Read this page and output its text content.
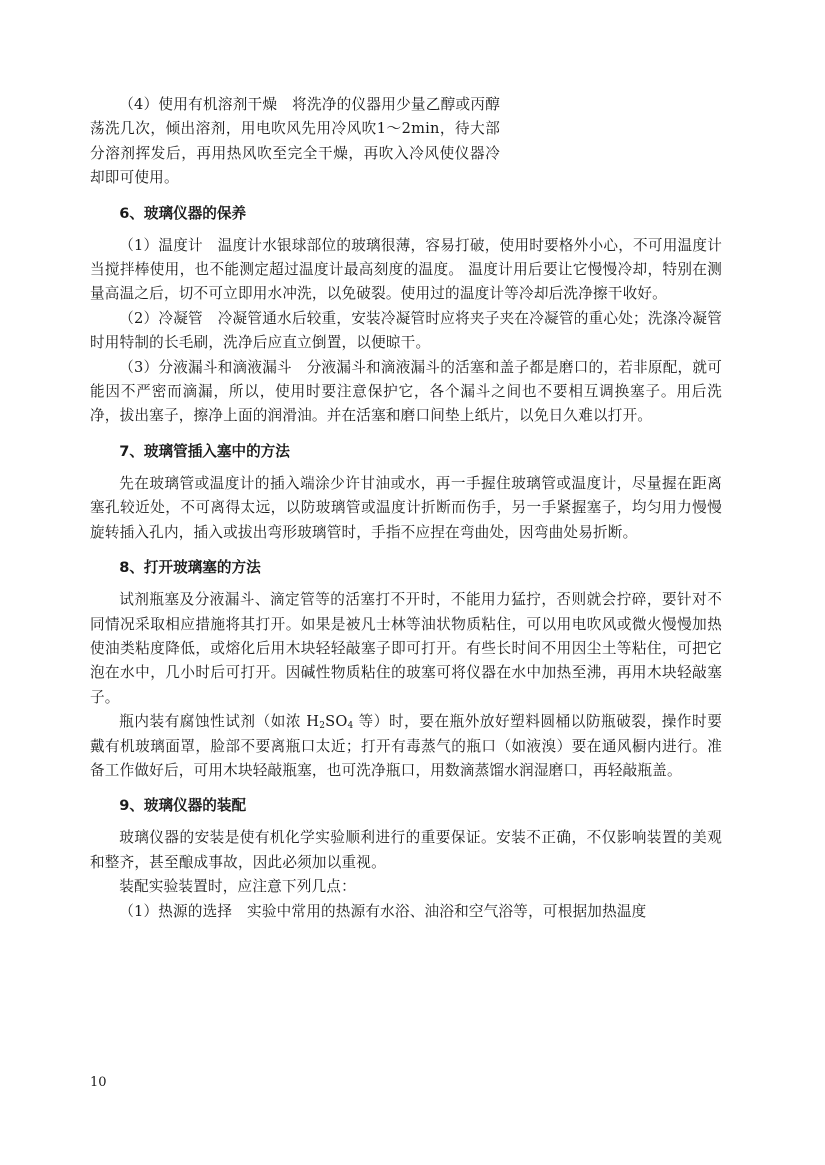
（4）使用有机溶剂干燥　将洗净的仪器用少量乙醇或丙醇荡洗几次，倾出溶剂，用电吹风先用冷风吹1～2min，待大部分溶剂挥发后，再用热风吹至完全干燥，再吹入冷风使仪器冷却即可使用。

6、玻璃仪器的保养

（1）温度计　温度计水银球部位的玻璃很薄，容易打破，使用时要格外小心，不可用温度计当搅拌棒使用，也不能测定超过温度计最高刻度的温度。 温度计用后要让它慢慢冷却，特别在测量高温之后，切不可立即用水冲洗，以免破裂。使用过的温度计等冷却后洗净擦干收好。

（2）冷凝管　冷凝管通水后较重，安装冷凝管时应将夹子夹在冷凝管的重心处；洗涤冷凝管时用特制的长毛刷，洗净后应直立倒置，以便晾干。

（3）分液漏斗和滴液漏斗　分液漏斗和滴液漏斗的活塞和盖子都是磨口的，若非原配，就可能因不严密而滴漏，所以，使用时要注意保护它，各个漏斗之间也不要相互调换塞子。用后洗净，拔出塞子，擦净上面的润滑油。并在活塞和磨口间垫上纸片，以免日久难以打开。

7、玻璃管插入塞中的方法

先在玻璃管或温度计的插入端涂少许甘油或水，再一手握住玻璃管或温度计，尽量握在距离塞孔较近处，不可离得太远，以防玻璃管或温度计折断而伤手，另一手紧握塞子，均匀用力慢慢旋转插入孔内，插入或拔出弯形玻璃管时，手指不应捏在弯曲处，因弯曲处易折断。

8、打开玻璃塞的方法

试剂瓶塞及分液漏斗、滴定管等的活塞打不开时，不能用力猛拧，否则就会拧碎，要针对不同情况采取相应措施将其打开。如果是被凡士林等油状物质粘住，可以用电吹风或微火慢慢加热使油类粘度降低，或熔化后用木块轻轻敲塞子即可打开。有些长时间不用因尘土等粘住，可把它泡在水中，几小时后可打开。因碱性物质粘住的玻塞可将仪器在水中加热至沸，再用木块轻敲塞子。

瓶内装有腐蚀性试剂（如浓 $H_2SO_4$ 等）时，要在瓶外放好塑料圆桶以防瓶破裂，操作时要戴有机玻璃面罩，脸部不要离瓶口太近；打开有毒蒸气的瓶口（如液溴）要在通风橱内进行。准备工作做好后，可用木块轻敲瓶塞，也可洗净瓶口，用数滴蒸馏水润湿磨口，再轻敲瓶盖。

9、玻璃仪器的装配

玻璃仪器的安装是使有机化学实验顺利进行的重要保证。安装不正确，不仅影响装置的美观和整齐，甚至酿成事故，因此必须加以重视。

装配实验装置时，应注意下列几点：

（1）热源的选择　实验中常用的热源有水浴、油浴和空气浴等，可根据加热温度

10
